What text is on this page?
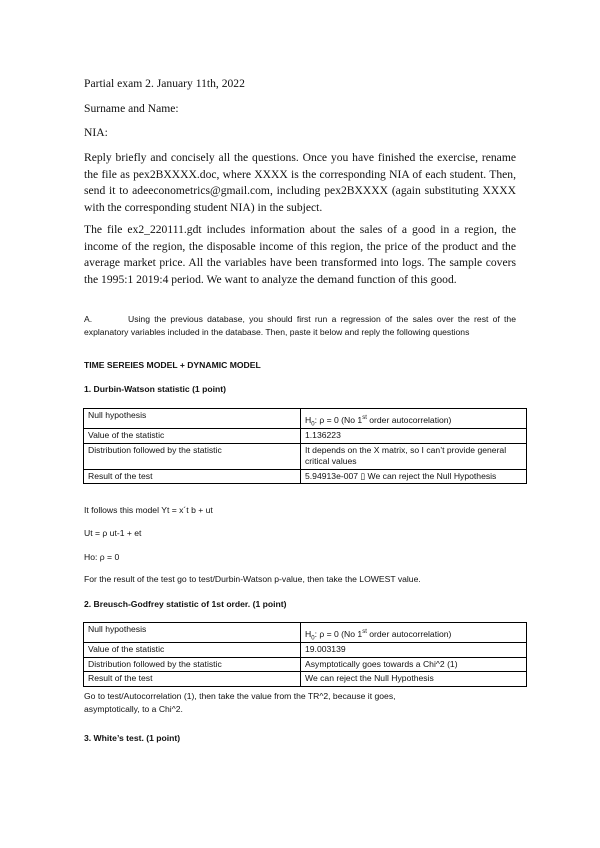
Partial exam 2. January 11th, 2022
Surname and Name:
NIA:
Reply briefly and concisely all the questions. Once you have finished the exercise, rename the file as pex2BXXXX.doc, where XXXX is the corresponding NIA of each student. Then, send it to adeeconometrics@gmail.com, including pex2BXXXX (again substituting XXXX with the corresponding student NIA) in the subject.
The file ex2_220111.gdt includes information about the sales of a good in a region, the income of the region, the disposable income of this region, the price of the product and the average market price. All the variables have been transformed into logs. The sample covers the 1995:1 2019:4 period. We want to analyze the demand function of this good.
A.	Using the previous database, you should first run a regression of the sales over the rest of the explanatory variables included in the database. Then, paste it below and reply the following questions
TIME SEREIES MODEL + DYNAMIC MODEL
1. Durbin-Watson statistic (1 point)
Null hypothesis	$H_0$: ρ = 0 (No 1st order autocorrelation)
Value of the statistic	1.136223
Distribution followed by the statistic	It depends on the X matrix, so I can’t provide general critical values
Result of the test	5.94913e-007 ▯ We can reject the Null Hypothesis
It follows this model Yt = x´t b + ut
Ut = ρ ut-1 + et
Ho: ρ = 0
For the result of the test go to test/Durbin-Watson p-value, then take the LOWEST value.
2. Breusch-Godfrey statistic of 1st order. (1 point)
Null hypothesis	$H_0$: ρ = 0 (No 1st order autocorrelation)
Value of the statistic	19.003139
Distribution followed by the statistic	Asymptotically goes towards a Chi^2 (1)
Result of the test	We can reject the Null Hypothesis
Go to test/Autocorrelation (1), then take the value from the TR^2, because it goes, asymptotically, to a Chi^2.
3. White’s test. (1 point)
